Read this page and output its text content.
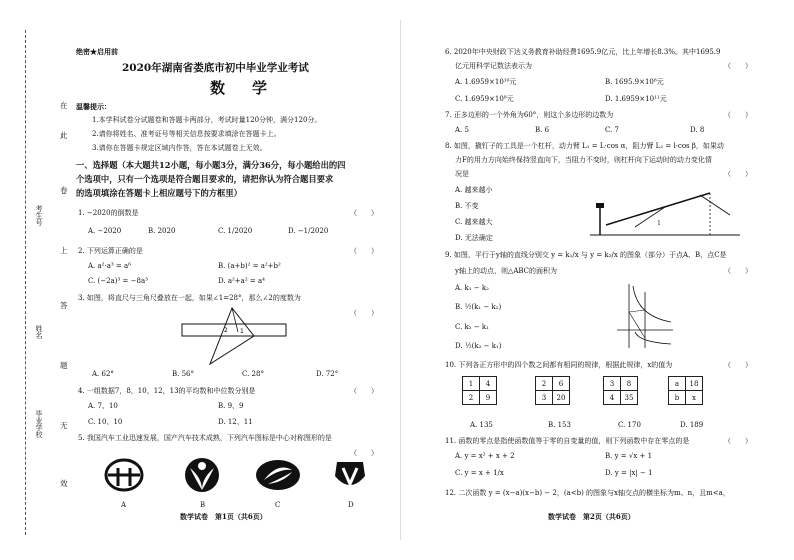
考生号
姓名
毕业学校
在
此
卷
上
答
题
无
效
绝密★启用前
2020年湖南省娄底市初中毕业学业考试
数　学
温馨提示：
1.本学科试卷分试题卷和答题卡两部分，考试时量120分钟，满分120分。
2.请你将姓名、准考证号等相关信息按要求填涂在答题卡上。
3.请你在答题卡规定区域内作答，答在本试题卷上无效。
一、选择题（本大题共12小题，每小题3分，满分36分，每小题给出的四
个选项中，只有一个选项是符合题目要求的，请把你认为符合题目要求
的选项填涂在答题卡上相应题号下的方框里）
1. −2020的倒数是	（　　）
A. −2020	B. 2020	C. 1/2020	D. −1/2020
2. 下列运算正确的是	（　　）
A. a²·a³ = a⁶	B. (a+b)² = a²+b²
C. (−2a)³ = −8a³	D. a²+a² = a⁴
3. 如图，将直尺与三角尺叠放在一起，如果∠1=28°，那么∠2的度数为
（　　）
2 1
A. 62°	B. 56°	C. 28°	D. 72°
4. 一组数据7，8，10，12，13的平均数和中位数分别是	（　　）
A. 7、10	B. 9、9
C. 10、10	D. 12、11
5. 我国汽车工业迅速发展，国产汽车技术成熟，下列汽车图标是中心对称图形的是
（　　）
A	B	C	D
数学试卷　第1页（共6页）
6. 2020年中央财政下达义务教育补助经费1695.9亿元，比上年增长8.3%。其中1695.9
亿元用科学记数法表示为	（　　）
A. 1.6959×10¹⁰元	B. 1695.9×10⁸元
C. 1.6959×10⁸元	D. 1.6959×10¹¹元
7. 正多边形的一个外角为60°，则这个多边形的边数为	（　　）
A. 5	B. 6	C. 7	D. 8
8. 如图，撬钉子的工具是一个杠杆，动力臂 L₁ = L·cos α，阻力臂 L₂ = l·cos β，如果动
力F的用力方向始终保持竖直向下，当阻力不变时，则杠杆向下运动时的动力变化情
况是	（　　）
A. 越来越小
B. 不变
C. 越来越大
D. 无法确定
l
9. 如图，平行于y轴的直线分别交 y = k₁/x 与 y = k₂/x 的图象（部分）于点A、B，点C是
y轴上的动点，则△ABC的面积为	（　　）
A. k₁ − k₂
B. ½(k₁ − k₂)
C. k₂ − k₁
D. ½(k₂ − k₁)
10. 下列各正方形中的四个数之间都有相同的规律，根据此规律，x的值为	（　　）
1	4
2	9
2	6
3	20
3	8
4	35
a	18
b	x
A. 135	B. 153	C. 170	D. 189
11. 函数的零点是指使函数值等于零的自变量的值，则下列函数中存在零点的是	（　　）
A. y = x² + x + 2	B. y = √x + 1
C. y = x + 1/x	D. y = |x| − 1
12. 二次函数 y = (x−a)(x−b) − 2，(a<b) 的图象与x轴交点的横坐标为m、n，且m<a，
数学试卷　第2页（共6页）
